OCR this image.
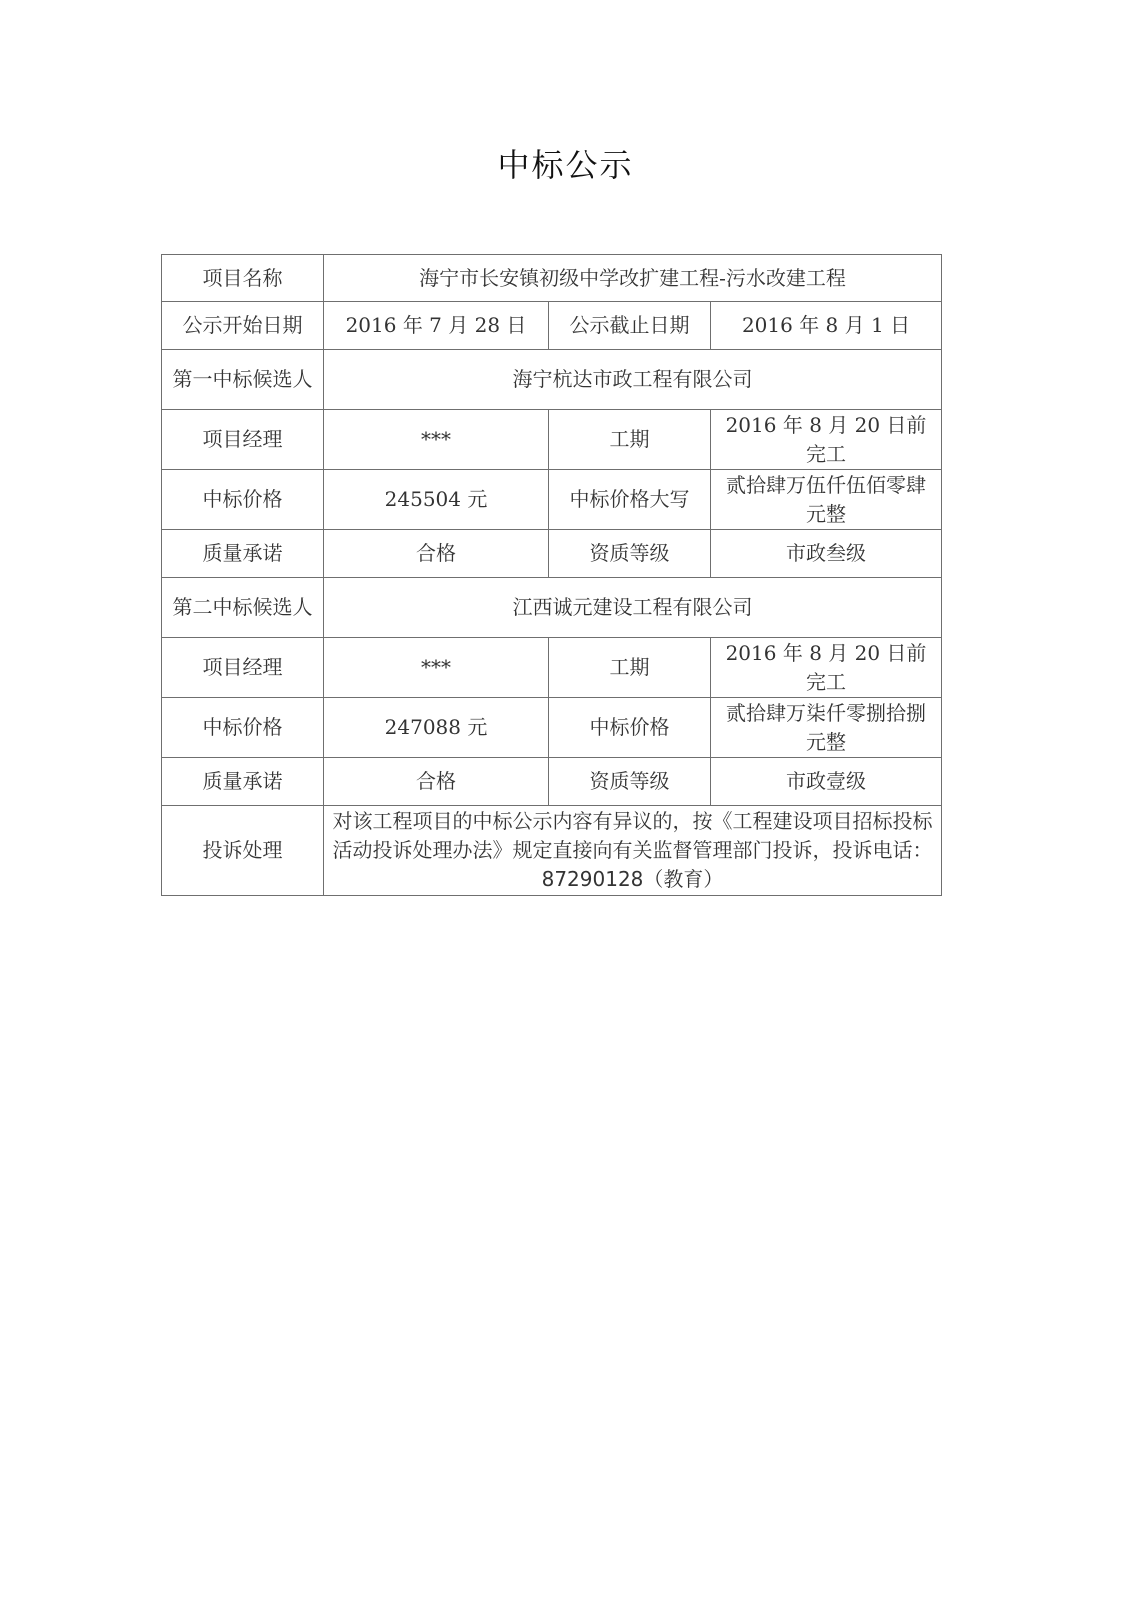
中标公示
项目名称	海宁市长安镇初级中学改扩建工程-污水改建工程		
公示开始日期	2016 年 7 月 28 日	公示截止日期	2016 年 8 月 1 日
第一中标候选人	海宁杭达市政工程有限公司		
项目经理	***	工期	2016 年 8 月 20 日前完工
中标价格	245504 元	中标价格大写	贰拾肆万伍仟伍佰零肆元整
质量承诺	合格	资质等级	市政叁级
第二中标候选人	江西诚元建设工程有限公司		
项目经理	***	工期	2016 年 8 月 20 日前完工
中标价格	247088 元	中标价格	贰拾肆万柒仟零捌拾捌元整
质量承诺	合格	资质等级	市政壹级
投诉处理	对该工程项目的中标公示内容有异议的，按《工程建设项目招标投标活动投诉处理办法》规定直接向有关监督管理部门投诉，投诉电话：87290128（教育）		
